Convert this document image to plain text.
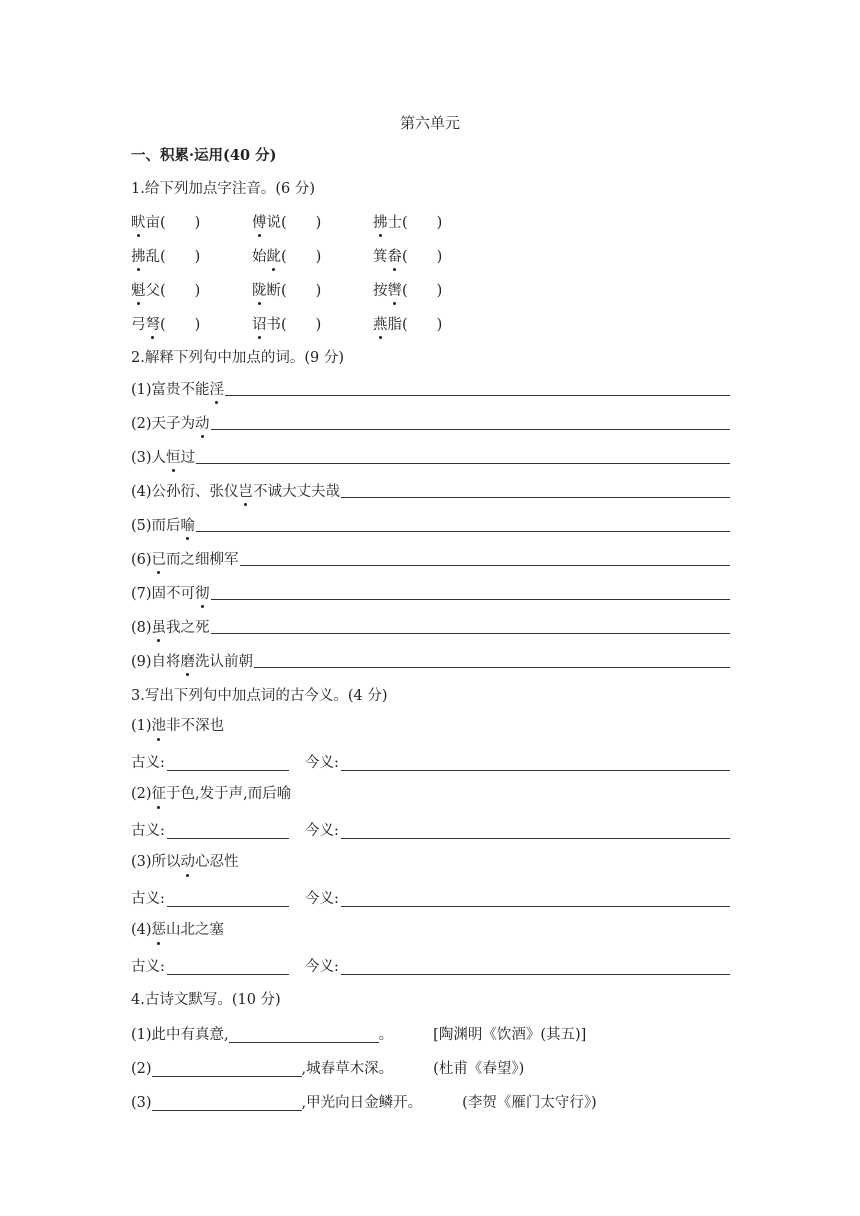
第六单元
一、积累·运用(40 分)
1.给下列加点字注音。(6 分)
畎亩(　　)	傅说(　　)	拂士(　　)
拂乱(　　)	始龀(　　)	箕畚(　　)
魁父(　　)	陇断(　　)	按辔(　　)
弓弩(　　)	诏书(　　)	燕脂(　　)
2.解释下列句中加点的词。(9 分)
(1)富贵不能淫
(2)天子为动
(3)人恒过
(4)公孙衍、张仪岂不诚大丈夫哉
(5)而后喻
(6)已而之细柳军
(7)固不可彻
(8)虽我之死
(9)自将磨洗认前朝
3.写出下列句中加点词的古今义。(4 分)
(1)池非不深也
古义:	今义:
(2)征于色,发于声,而后喻
古义:	今义:
(3)所以动心忍性
古义:	今义:
(4)惩山北之塞
古义:	今义:
4.古诗文默写。(10 分)
(1)此中有真意,	。	[陶渊明《饮酒》(其五)]
(2)	,城春草木深。	(杜甫《春望》)
(3)	,甲光向日金鳞开。	(李贺《雁门太守行》)
